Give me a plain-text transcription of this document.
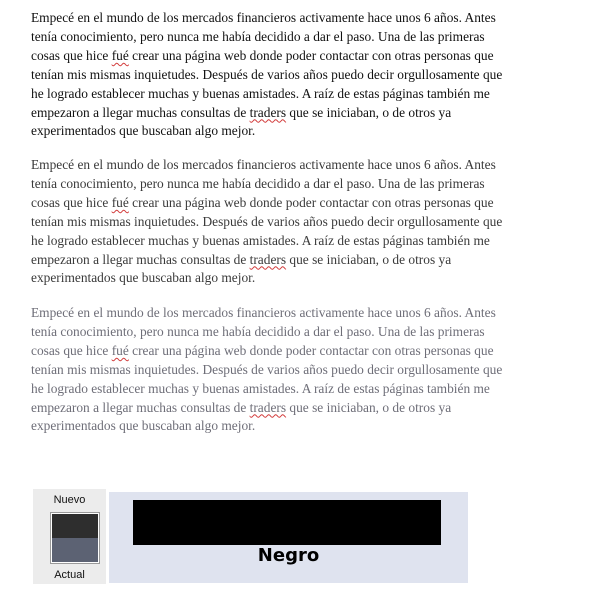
Empecé en el mundo de los mercados financieros activamente hace unos 6 años. Antes
tenía conocimiento, pero nunca me había decidido a dar el paso. Una de las primeras
cosas que hice fué crear una página web donde poder contactar con otras personas que
tenían mis mismas inquietudes. Después de varios años puedo decir orgullosamente que
he logrado establecer muchas y buenas amistades. A raíz de estas páginas también me
empezaron a llegar muchas consultas de traders que se iniciaban, o de otros ya
experimentados que buscaban algo mejor.

Empecé en el mundo de los mercados financieros activamente hace unos 6 años. Antes
tenía conocimiento, pero nunca me había decidido a dar el paso. Una de las primeras
cosas que hice fué crear una página web donde poder contactar con otras personas que
tenían mis mismas inquietudes. Después de varios años puedo decir orgullosamente que
he logrado establecer muchas y buenas amistades. A raíz de estas páginas también me
empezaron a llegar muchas consultas de traders que se iniciaban, o de otros ya
experimentados que buscaban algo mejor.

Empecé en el mundo de los mercados financieros activamente hace unos 6 años. Antes
tenía conocimiento, pero nunca me había decidido a dar el paso. Una de las primeras
cosas que hice fué crear una página web donde poder contactar con otras personas que
tenían mis mismas inquietudes. Después de varios años puedo decir orgullosamente que
he logrado establecer muchas y buenas amistades. A raíz de estas páginas también me
empezaron a llegar muchas consultas de traders que se iniciaban, o de otros ya
experimentados que buscaban algo mejor.

Nuevo
Actual
Negro
